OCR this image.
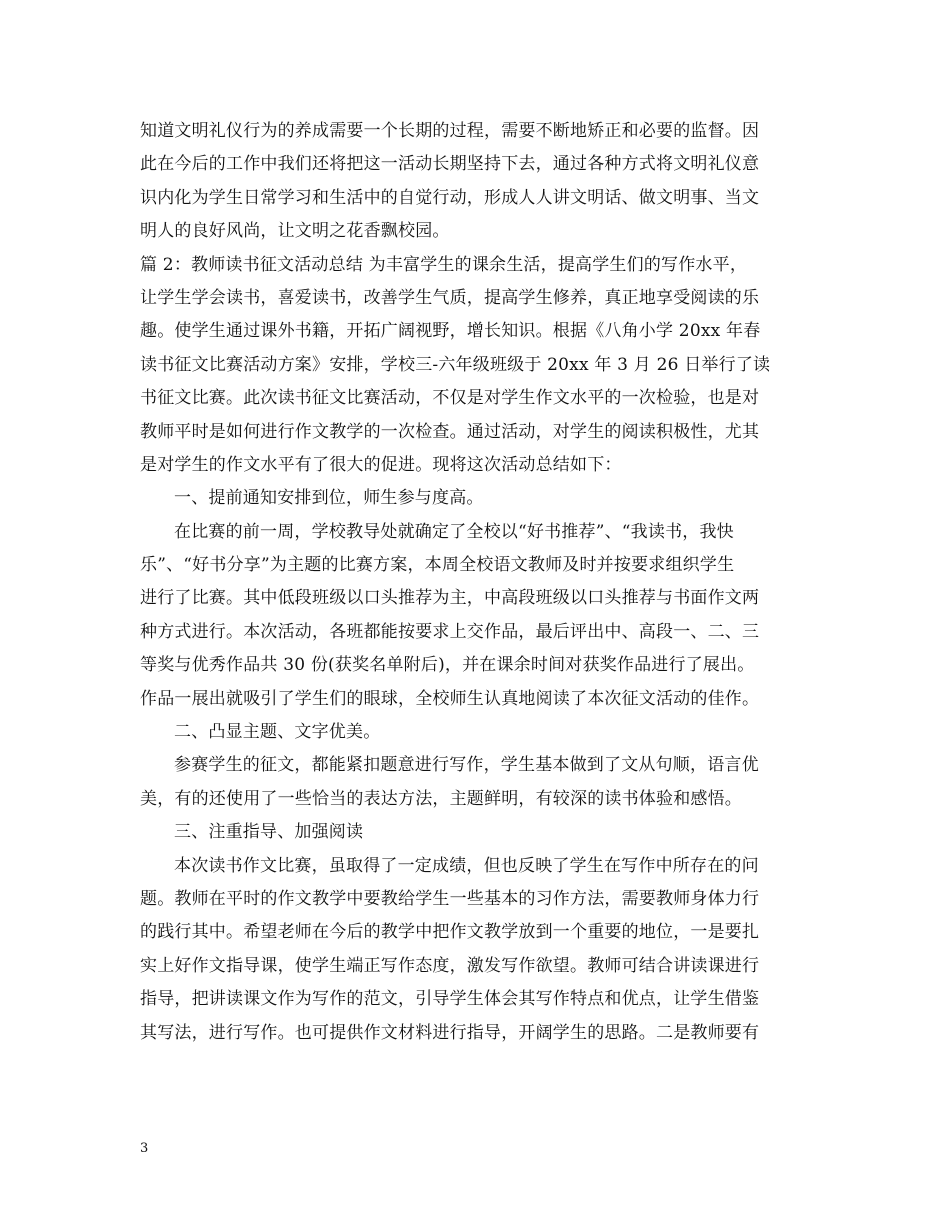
知道文明礼仪行为的养成需要一个长期的过程，需要不断地矫正和必要的监督。因
此在今后的工作中我们还将把这一活动长期坚持下去，通过各种方式将文明礼仪意
识内化为学生日常学习和生活中的自觉行动，形成人人讲文明话、做文明事、当文
明人的良好风尚，让文明之花香飘校园。
篇 2：教师读书征文活动总结 为丰富学生的课余生活，提高学生们的写作水平，
让学生学会读书，喜爱读书，改善学生气质，提高学生修养，真正地享受阅读的乐
趣。使学生通过课外书籍，开拓广阔视野，增长知识。根据《八角小学 20xx 年春
读书征文比赛活动方案》安排，学校三-六年级班级于 20xx 年 3 月 26 日举行了读
书征文比赛。此次读书征文比赛活动，不仅是对学生作文水平的一次检验，也是对
教师平时是如何进行作文教学的一次检查。通过活动，对学生的阅读积极性，尤其
是对学生的作文水平有了很大的促进。现将这次活动总结如下：
一、提前通知安排到位，师生参与度高。
在比赛的前一周，学校教导处就确定了全校以“好书推荐”、“我读书，我快
乐”、“好书分享”为主题的比赛方案，本周全校语文教师及时并按要求组织学生
进行了比赛。其中低段班级以口头推荐为主，中高段班级以口头推荐与书面作文两
种方式进行。本次活动，各班都能按要求上交作品，最后评出中、高段一、二、三
等奖与优秀作品共 30 份(获奖名单附后)，并在课余时间对获奖作品进行了展出。
作品一展出就吸引了学生们的眼球，全校师生认真地阅读了本次征文活动的佳作。
二、凸显主题、文字优美。
参赛学生的征文，都能紧扣题意进行写作，学生基本做到了文从句顺，语言优
美，有的还使用了一些恰当的表达方法，主题鲜明，有较深的读书体验和感悟。
三、注重指导、加强阅读
本次读书作文比赛，虽取得了一定成绩，但也反映了学生在写作中所存在的问
题。教师在平时的作文教学中要教给学生一些基本的习作方法，需要教师身体力行
的践行其中。希望老师在今后的教学中把作文教学放到一个重要的地位，一是要扎
实上好作文指导课，使学生端正写作态度，激发写作欲望。教师可结合讲读课进行
指导，把讲读课文作为写作的范文，引导学生体会其写作特点和优点，让学生借鉴
其写法，进行写作。也可提供作文材料进行指导，开阔学生的思路。二是教师要有
3
